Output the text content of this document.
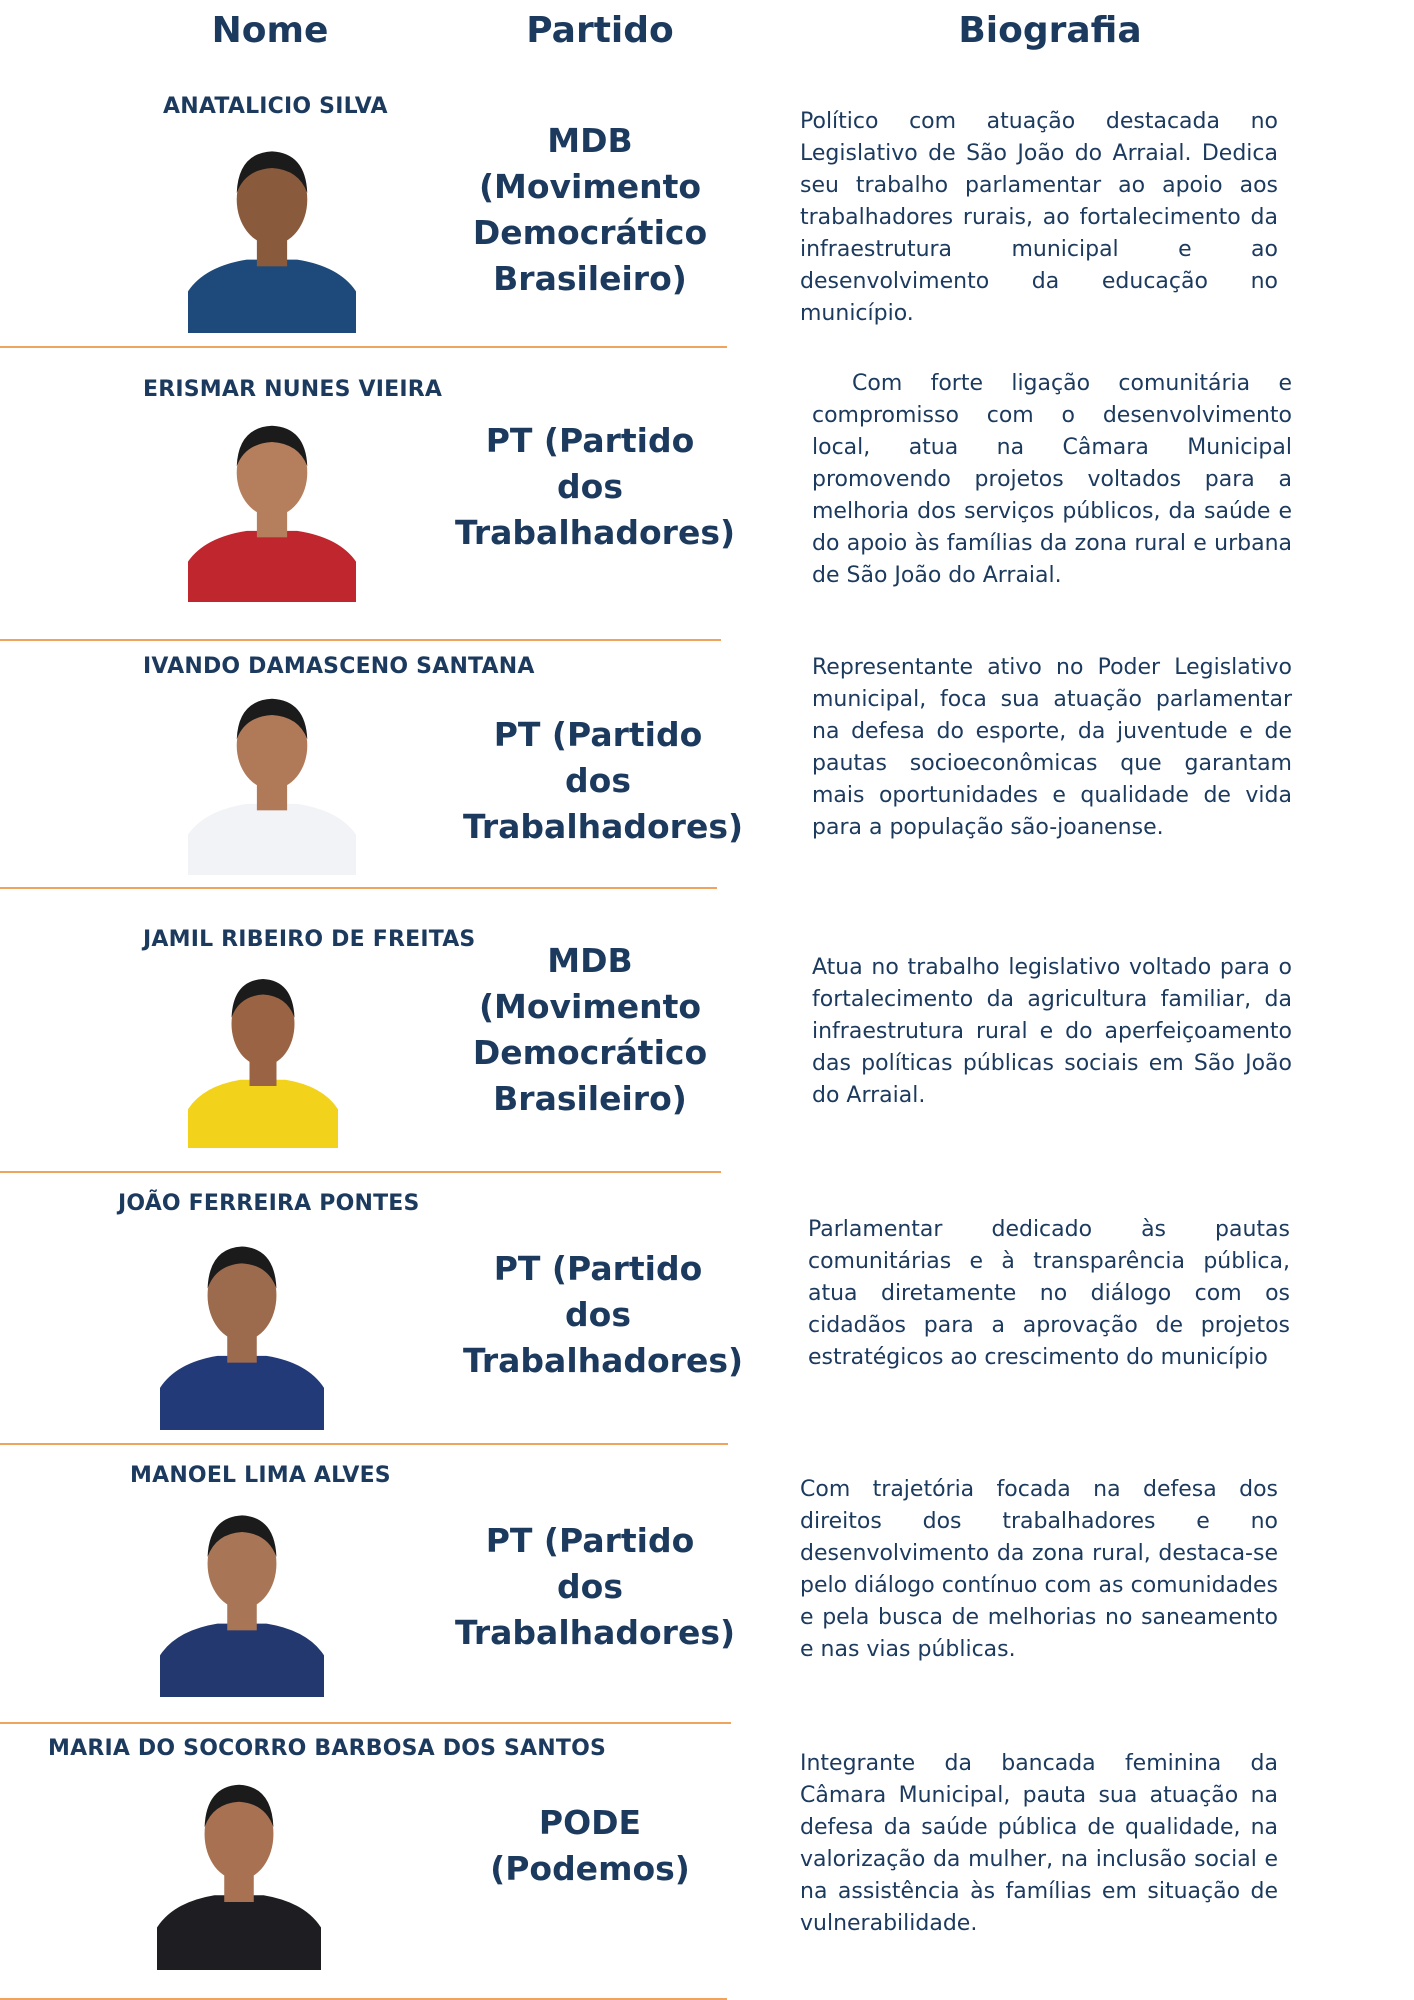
Nome	Partido	Biografia
ANATALICIO SILVA
MDB (Movimento Democrático Brasileiro)
Político com atuação destacada no Legislativo de São João do Arraial. Dedica seu trabalho parlamentar ao apoio aos trabalhadores rurais, ao fortalecimento da infraestrutura municipal e ao desenvolvimento da educação no município.
ERISMAR NUNES VIEIRA
PT (Partido dos Trabalhadores)
Com forte ligação comunitária e compromisso com o desenvolvimento local, atua na Câmara Municipal promovendo projetos voltados para a melhoria dos serviços públicos, da saúde e do apoio às famílias da zona rural e urbana de São João do Arraial.
IVANDO DAMASCENO SANTANA
PT (Partido dos Trabalhadores)
Representante ativo no Poder Legislativo municipal, foca sua atuação parlamentar na defesa do esporte, da juventude e de pautas socioeconômicas que garantam mais oportunidades e qualidade de vida para a população são-joanense.
JAMIL RIBEIRO DE FREITAS
MDB (Movimento Democrático Brasileiro)
Atua no trabalho legislativo voltado para o fortalecimento da agricultura familiar, da infraestrutura rural e do aperfeiçoamento das políticas públicas sociais em São João do Arraial.
JOÃO FERREIRA PONTES
PT (Partido dos Trabalhadores)
Parlamentar dedicado às pautas comunitárias e à transparência pública, atua diretamente no diálogo com os cidadãos para a aprovação de projetos estratégicos ao crescimento do município
MANOEL LIMA ALVES
PT (Partido dos Trabalhadores)
Com trajetória focada na defesa dos direitos dos trabalhadores e no desenvolvimento da zona rural, destaca-se pelo diálogo contínuo com as comunidades e pela busca de melhorias no saneamento e nas vias públicas.
MARIA DO SOCORRO BARBOSA DOS SANTOS
PODE (Podemos)
Integrante da bancada feminina da Câmara Municipal, pauta sua atuação na defesa da saúde pública de qualidade, na valorização da mulher, na inclusão social e na assistência às famílias em situação de vulnerabilidade.
